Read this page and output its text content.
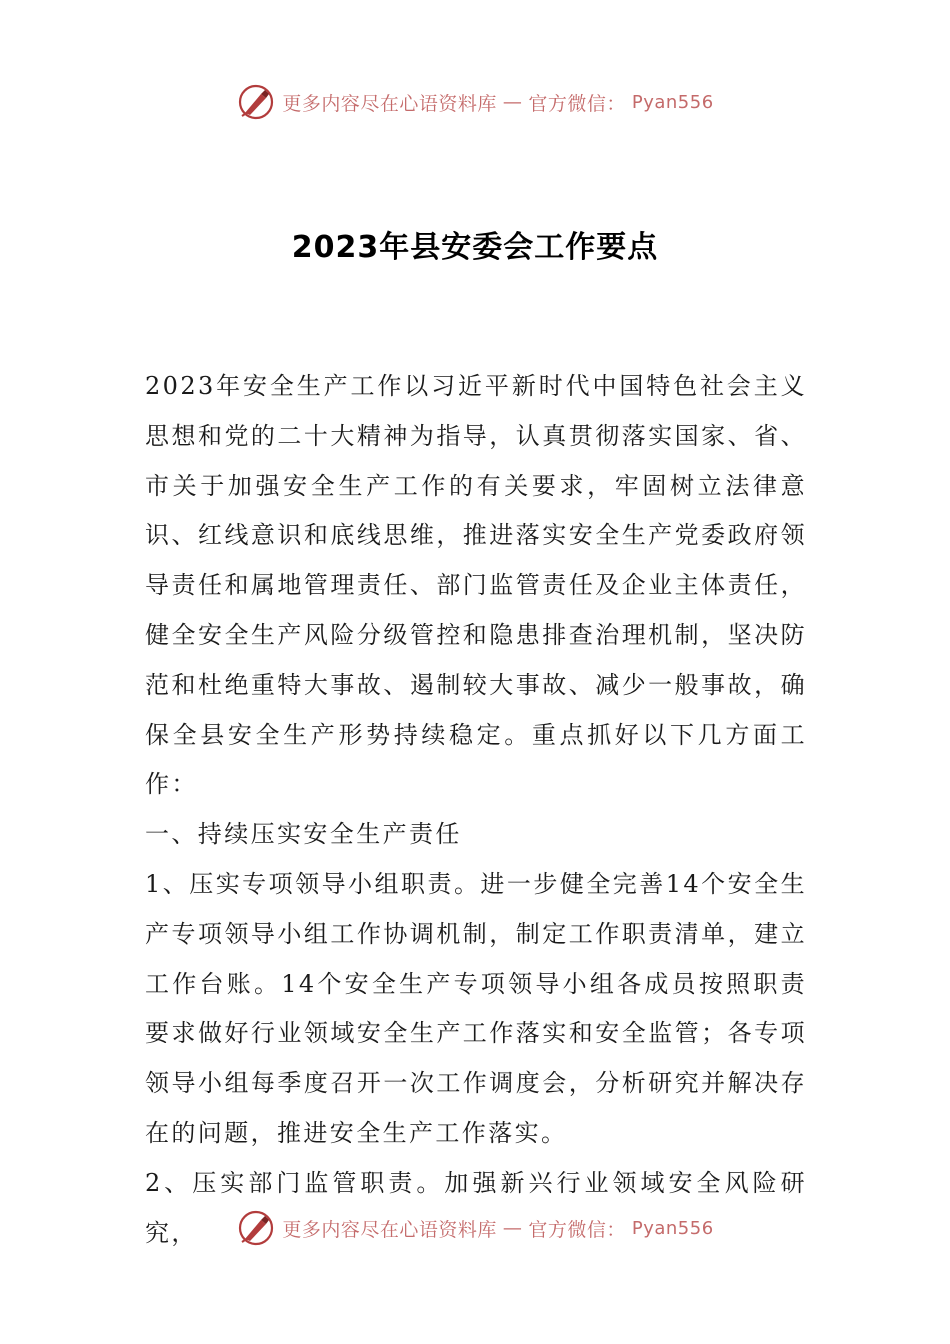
更多内容尽在心语资料库 — 官方微信： Pyan556
2023年县安委会工作要点

2023年安全生产工作以习近平新时代中国特色社会主义思想和党的二十大精神为指导，认真贯彻落实国家、省、市关于加强安全生产工作的有关要求，牢固树立法律意识、红线意识和底线思维，推进落实安全生产党委政府领导责任和属地管理责任、部门监管责任及企业主体责任，健全安全生产风险分级管控和隐患排查治理机制，坚决防范和杜绝重特大事故、遏制较大事故、减少一般事故，确保全县安全生产形势持续稳定。重点抓好以下几方面工作：

一、持续压实安全生产责任

1、压实专项领导小组职责。进一步健全完善14个安全生产专项领导小组工作协调机制，制定工作职责清单，建立工作台账。14个安全生产专项领导小组各成员按照职责要求做好行业领域安全生产工作落实和安全监管；各专项领导小组每季度召开一次工作调度会，分析研究并解决存在的问题，推进安全生产工作落实。

2、压实部门监管职责。加强新兴行业领域安全风险研究，	更多内容尽在心语资料库 — 官方微信： Pyan556
